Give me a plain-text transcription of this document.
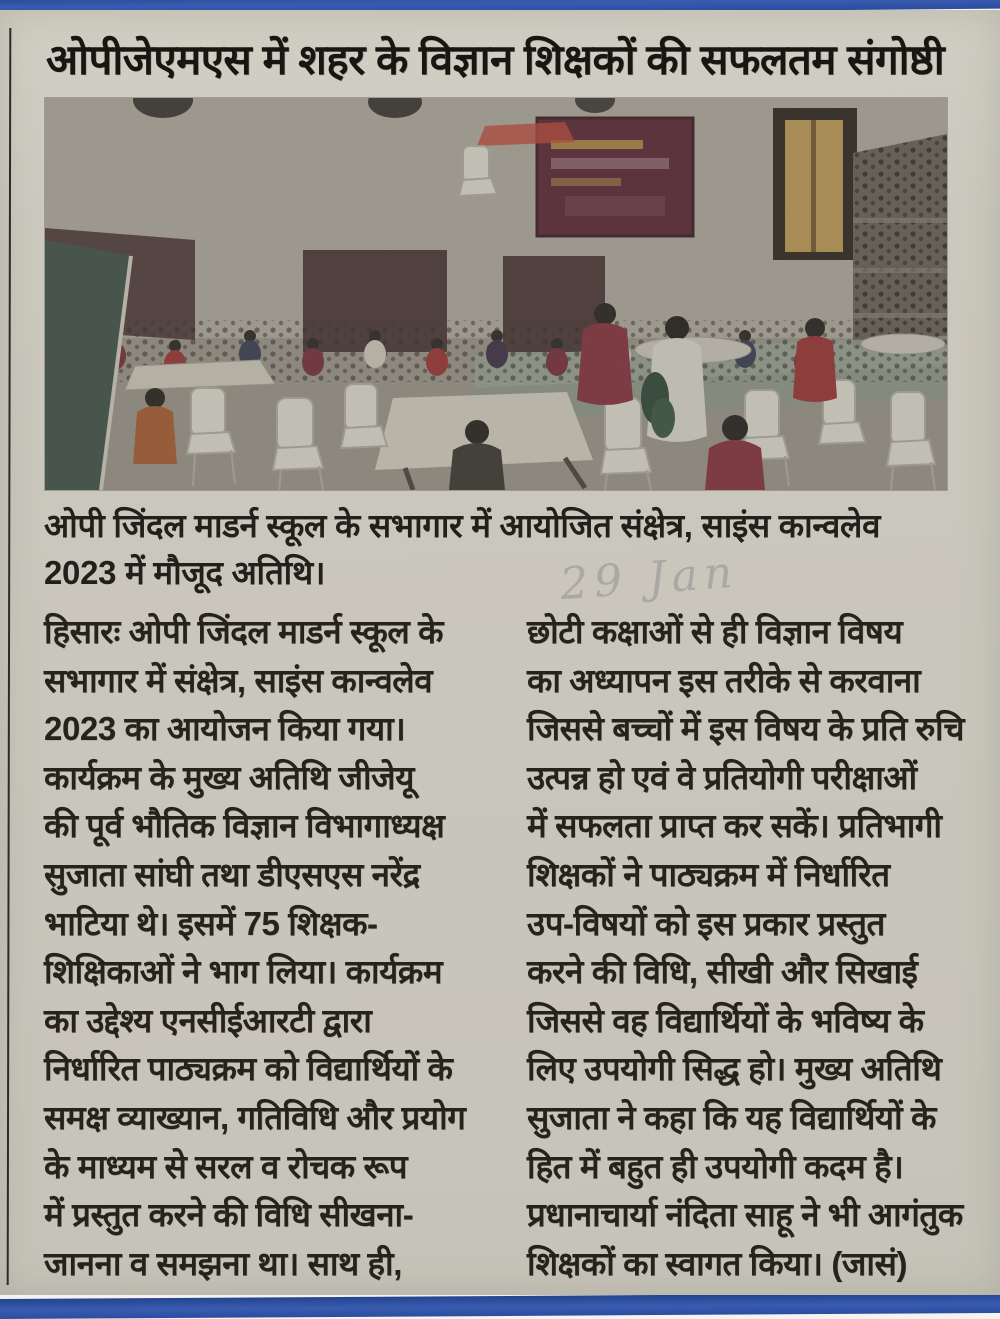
ओपीजेएमएस में शहर के विज्ञान शिक्षकों की सफलतम संगोष्ठी
ओपी जिंदल माडर्न स्कूल के सभागार में आयोजित संक्षेत्र, साइंस कान्वलेव
2023 में मौजूद अतिथि।	29 Jan
हिसारः ओपी जिंदल माडर्न स्कूल के
सभागार में संक्षेत्र, साइंस कान्वलेव
2023 का आयोजन किया गया।
कार्यक्रम के मुख्य अतिथि जीजेयू
की पूर्व भौतिक विज्ञान विभागाध्यक्ष
सुजाता सांघी तथा डीएसएस नरेंद्र
भाटिया थे। इसमें 75 शिक्षक-
शिक्षिकाओं ने भाग लिया। कार्यक्रम
का उद्देश्य एनसीईआरटी द्वारा
निर्धारित पाठ्यक्रम को विद्यार्थियों के
समक्ष व्याख्यान, गतिविधि और प्रयोग
के माध्यम से सरल व रोचक रूप
में प्रस्तुत करने की विधि सीखना-
जानना व समझना था। साथ ही,
छोटी कक्षाओं से ही विज्ञान विषय
का अध्यापन इस तरीके से करवाना
जिससे बच्चों में इस विषय के प्रति रुचि
उत्पन्न हो एवं वे प्रतियोगी परीक्षाओं
में सफलता प्राप्त कर सकें। प्रतिभागी
शिक्षकों ने पाठ्यक्रम में निर्धारित
उप-विषयों को इस प्रकार प्रस्तुत
करने की विधि, सीखी और सिखाई
जिससे वह विद्यार्थियों के भविष्य के
लिए उपयोगी सिद्ध हो। मुख्य अतिथि
सुजाता ने कहा कि यह विद्यार्थियों के
हित में बहुत ही उपयोगी कदम है।
प्रधानाचार्या नंदिता साहू ने भी आगंतुक
शिक्षकों का स्वागत किया। (जासं)
